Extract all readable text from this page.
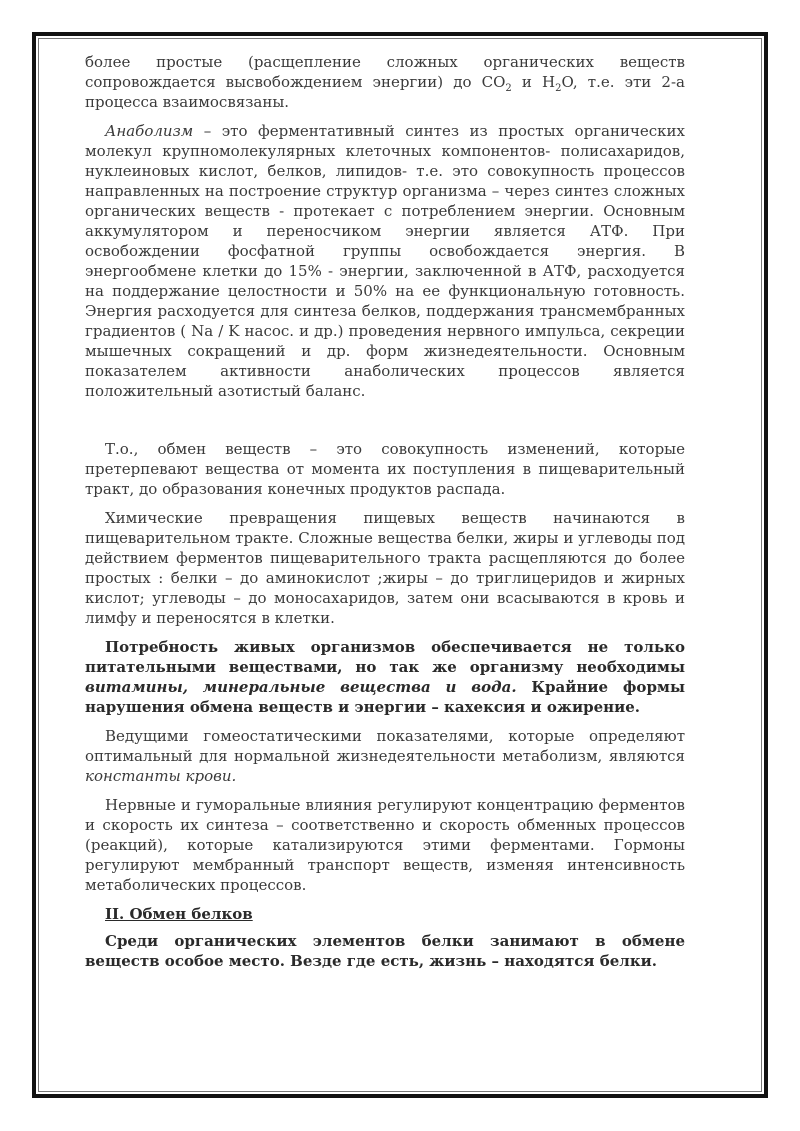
более простые (расщепление сложных органических веществ сопровождается высвобождением энергии) до $CO_2$ и $H_2O$, т.е. эти 2-а процесса взаимосвязаны.

Анаболизм – это ферментативный синтез из простых органических молекул крупномолекулярных клеточных компонентов- полисахаридов, нуклеиновых кислот, белков, липидов- т.е. это совокупность процессов направленных на построение структур организма – через синтез сложных органических веществ - протекает с потреблением энергии. Основным аккумулятором и переносчиком энергии является АТФ. При освобождении фосфатной группы освобождается энергия. В энергообмене клетки до 15% - энергии, заключенной в АТФ, расходуется на поддержание целостности и 50% на ее функциональную готовность. Энергия расходуется для синтеза белков, поддержания трансмембранных градиентов ( Na / K насос. и др.) проведения нервного импульса, секреции мышечных сокращений и др. форм жизнедеятельности. Основным показателем активности анаболических процессов является положительный азотистый баланс.

Т.о., обмен веществ – это совокупность изменений, которые претерпевают вещества от момента их поступления в пищеварительный тракт, до образования конечных продуктов распада.

Химические превращения пищевых веществ начинаются в пищеварительном тракте. Сложные вещества белки, жиры и углеводы под действием ферментов пищеварительного тракта расщепляются до более простых : белки – до аминокислот ;жиры – до триглицеридов и жирных кислот; углеводы – до моносахаридов, затем они всасываются в кровь и лимфу и переносятся в клетки.

Потребность живых организмов обеспечивается не только питательными веществами, но так же организму необходимы витамины, минеральные вещества и вода. Крайние формы нарушения обмена веществ и энергии – кахексия и ожирение.

Ведущими гомеостатическими показателями, которые определяют оптимальный для нормальной жизнедеятельности метаболизм, являются константы крови.

Нервные и гуморальные влияния регулируют концентрацию ферментов и скорость их синтеза – соответственно и скорость обменных процессов (реакций), которые катализируются этими ферментами. Гормоны регулируют мембранный транспорт веществ, изменяя интенсивность метаболических процессов.

II. Обмен белков

Среди органических элементов белки занимают в обмене веществ особое место. Везде где есть, жизнь – находятся белки.
